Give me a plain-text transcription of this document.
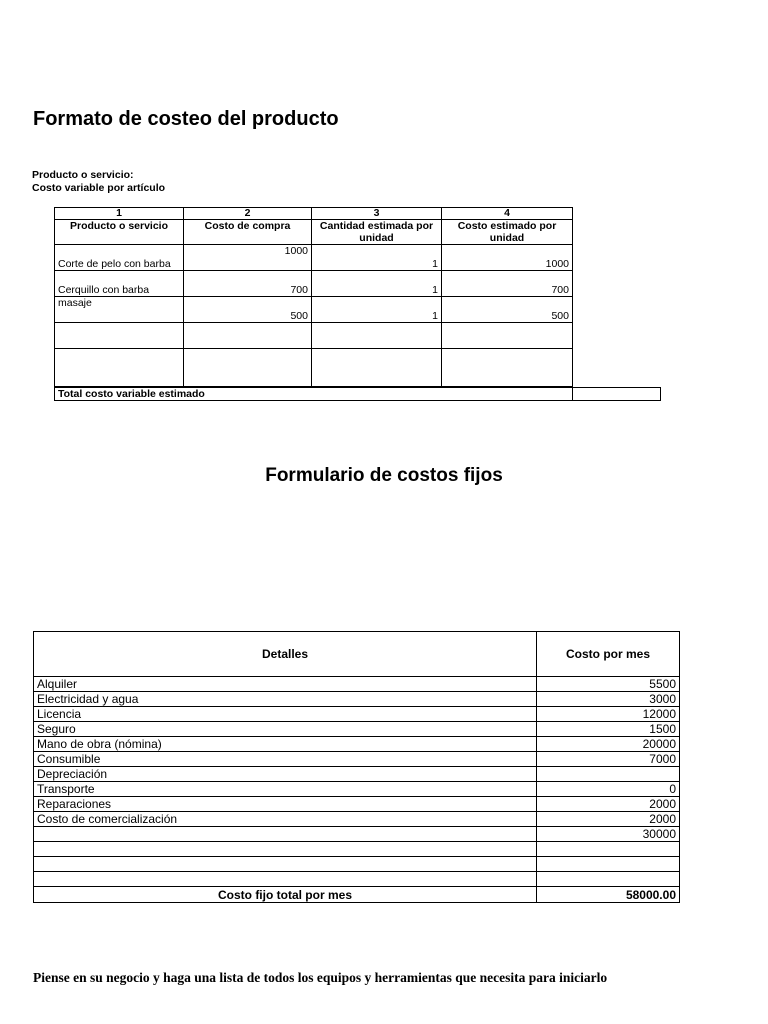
Formato de costeo del producto
Producto o servicio:
Costo variable por artículo
1	2	3	4
Producto o servicio	Costo de compra	Cantidad estimada por unidad	Costo estimado por unidad
Corte de pelo con barba	1000	1	1000
Cerquillo con barba	700	1	700
masaje	500	1	500

Total costo variable estimado
Formulario de costos fijos
Detalles	Costo por mes
Alquiler	5500
Electricidad y agua	3000
Licencia	12000
Seguro	1500
Mano de obra (nómina)	20000
Consumible	7000
Depreciación	
Transporte	0
Reparaciones	2000
Costo de comercialización	2000
	30000

Costo fijo total por mes	58000.00
Piense en su negocio y haga una lista de todos los equipos y herramientas que necesita para iniciarlo
